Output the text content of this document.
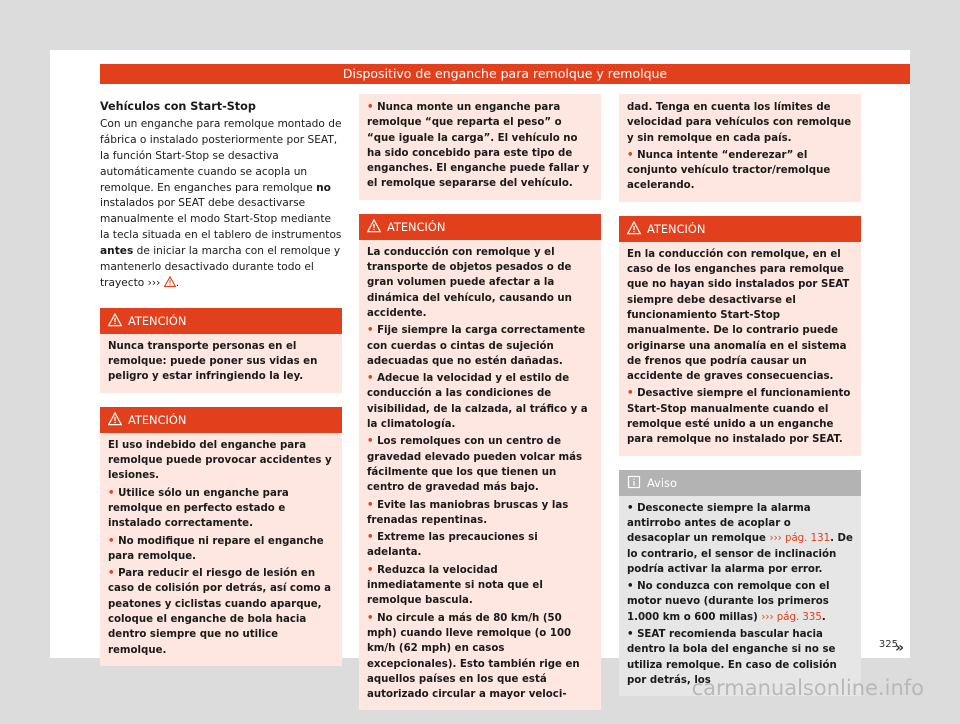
Dispositivo de enganche para remolque y remolque
Vehículos con Start-Stop

Con un enganche para remolque montado de fábrica o instalado posteriormente por SEAT, la función Start-Stop se desactiva automáticamente cuando se acopla un remolque. En enganches para remolque no instalados por SEAT debe desactivarse manualmente el modo Start-Stop mediante la tecla situada en el tablero de instrumentos antes de iniciar la marcha con el remolque y mantenerlo desactivado durante todo el trayecto ››› .

ATENCIÓN

Nunca transporte personas en el remolque: puede poner sus vidas en peligro y estar infringiendo la ley.

ATENCIÓN

El uso indebido del enganche para remolque puede provocar accidentes y lesiones.

• Utilice sólo un enganche para remolque en perfecto estado e instalado correctamente.

• No modifique ni repare el enganche para remolque.

• Para reducir el riesgo de lesión en caso de colisión por detrás, así como a peatones y ciclistas cuando aparque, coloque el enganche de bola hacia dentro siempre que no utilice remolque.

• Nunca monte un enganche para remolque “que reparta el peso” o “que iguale la carga”. El vehículo no ha sido concebido para este tipo de enganches. El enganche puede fallar y el remolque separarse del vehículo.

ATENCIÓN

La conducción con remolque y el transporte de objetos pesados o de gran volumen puede afectar a la dinámica del vehículo, causando un accidente.

• Fije siempre la carga correctamente con cuerdas o cintas de sujeción adecuadas que no estén dañadas.

• Adecue la velocidad y el estilo de conducción a las condiciones de visibilidad, de la calzada, al tráfico y a la climatología.

• Los remolques con un centro de gravedad elevado pueden volcar más fácilmente que los que tienen un centro de gravedad más bajo.

• Evite las maniobras bruscas y las frenadas repentinas.

• Extreme las precauciones si adelanta.

• Reduzca la velocidad inmediatamente si nota que el remolque bascula.

• No circule a más de 80 km/h (50 mph) cuando lleve remolque (o 100 km/h (62 mph) en casos excepcionales). Esto también rige en aquellos países en los que está autorizado circular a mayor veloci-

dad. Tenga en cuenta los límites de velocidad para vehículos con remolque y sin remolque en cada país.

• Nunca intente “enderezar” el conjunto vehículo tractor/remolque acelerando.

ATENCIÓN

En la conducción con remolque, en el caso de los enganches para remolque que no hayan sido instalados por SEAT siempre debe desactivarse el funcionamiento Start-Stop manualmente. De lo contrario puede originarse una anomalía en el sistema de frenos que podría causar un accidente de graves consecuencias.

• Desactive siempre el funcionamiento Start-Stop manualmente cuando el remolque esté unido a un enganche para remolque no instalado por SEAT.

Aviso

• Desconecte siempre la alarma antirrobo antes de acoplar o desacoplar un remolque ››› pág. 131. De lo contrario, el sensor de inclinación podría activar la alarma por error.

• No conduzca con remolque con el motor nuevo (durante los primeros 1.000 km o 600 millas) ››› pág. 335.

• SEAT recomienda bascular hacia dentro la bola del enganche si no se utiliza remolque. En caso de colisión por detrás, los

»
325
carmanualsonline.info
